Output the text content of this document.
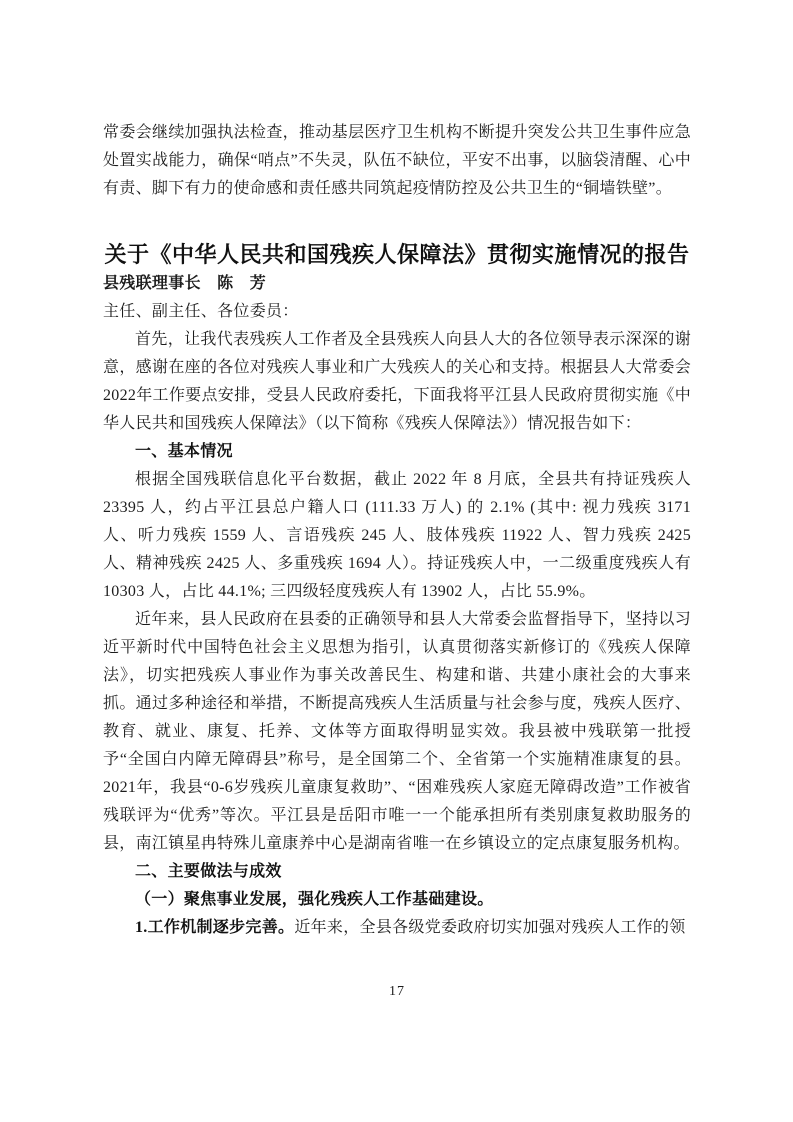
常委会继续加强执法检查，推动基层医疗卫生机构不断提升突发公共卫生事件应急处置实战能力，确保“哨点”不失灵，队伍不缺位，平安不出事，以脑袋清醒、心中有责、脚下有力的使命感和责任感共同筑起疫情防控及公共卫生的“铜墙铁壁”。

关于《中华人民共和国残疾人保障法》贯彻实施情况的报告

县残联理事长　陈　芳

主任、副主任、各位委员：

首先，让我代表残疾人工作者及全县残疾人向县人大的各位领导表示深深的谢意，感谢在座的各位对残疾人事业和广大残疾人的关心和支持。根据县人大常委会2022年工作要点安排，受县人民政府委托，下面我将平江县人民政府贯彻实施《中华人民共和国残疾人保障法》（以下简称《残疾人保障法》）情况报告如下：

一、基本情况

根据全国残联信息化平台数据，截止 2022 年 8 月底，全县共有持证残疾人 23395 人，约占平江县总户籍人口 (111.33 万人) 的 2.1% (其中: 视力残疾 3171 人、听力残疾 1559 人、言语残疾 245 人、肢体残疾 11922 人、智力残疾 2425 人、精神残疾 2425 人、多重残疾 1694 人）。持证残疾人中，一二级重度残疾人有 10303 人，占比 44.1%; 三四级轻度残疾人有 13902 人，占比 55.9%。

近年来，县人民政府在县委的正确领导和县人大常委会监督指导下，坚持以习近平新时代中国特色社会主义思想为指引，认真贯彻落实新修订的《残疾人保障法》，切实把残疾人事业作为事关改善民生、构建和谐、共建小康社会的大事来抓。通过多种途径和举措，不断提高残疾人生活质量与社会参与度，残疾人医疗、教育、就业、康复、托养、文体等方面取得明显实效。我县被中残联第一批授予“全国白内障无障碍县”称号，是全国第二个、全省第一个实施精准康复的县。2021年，我县“0-6岁残疾儿童康复救助”、“困难残疾人家庭无障碍改造”工作被省残联评为“优秀”等次。平江县是岳阳市唯一一个能承担所有类别康复救助服务的县，南江镇星冉特殊儿童康养中心是湖南省唯一在乡镇设立的定点康复服务机构。

二、主要做法与成效

（一）聚焦事业发展，强化残疾人工作基础建设。

1.工作机制逐步完善。近年来，全县各级党委政府切实加强对残疾人工作的领

17
